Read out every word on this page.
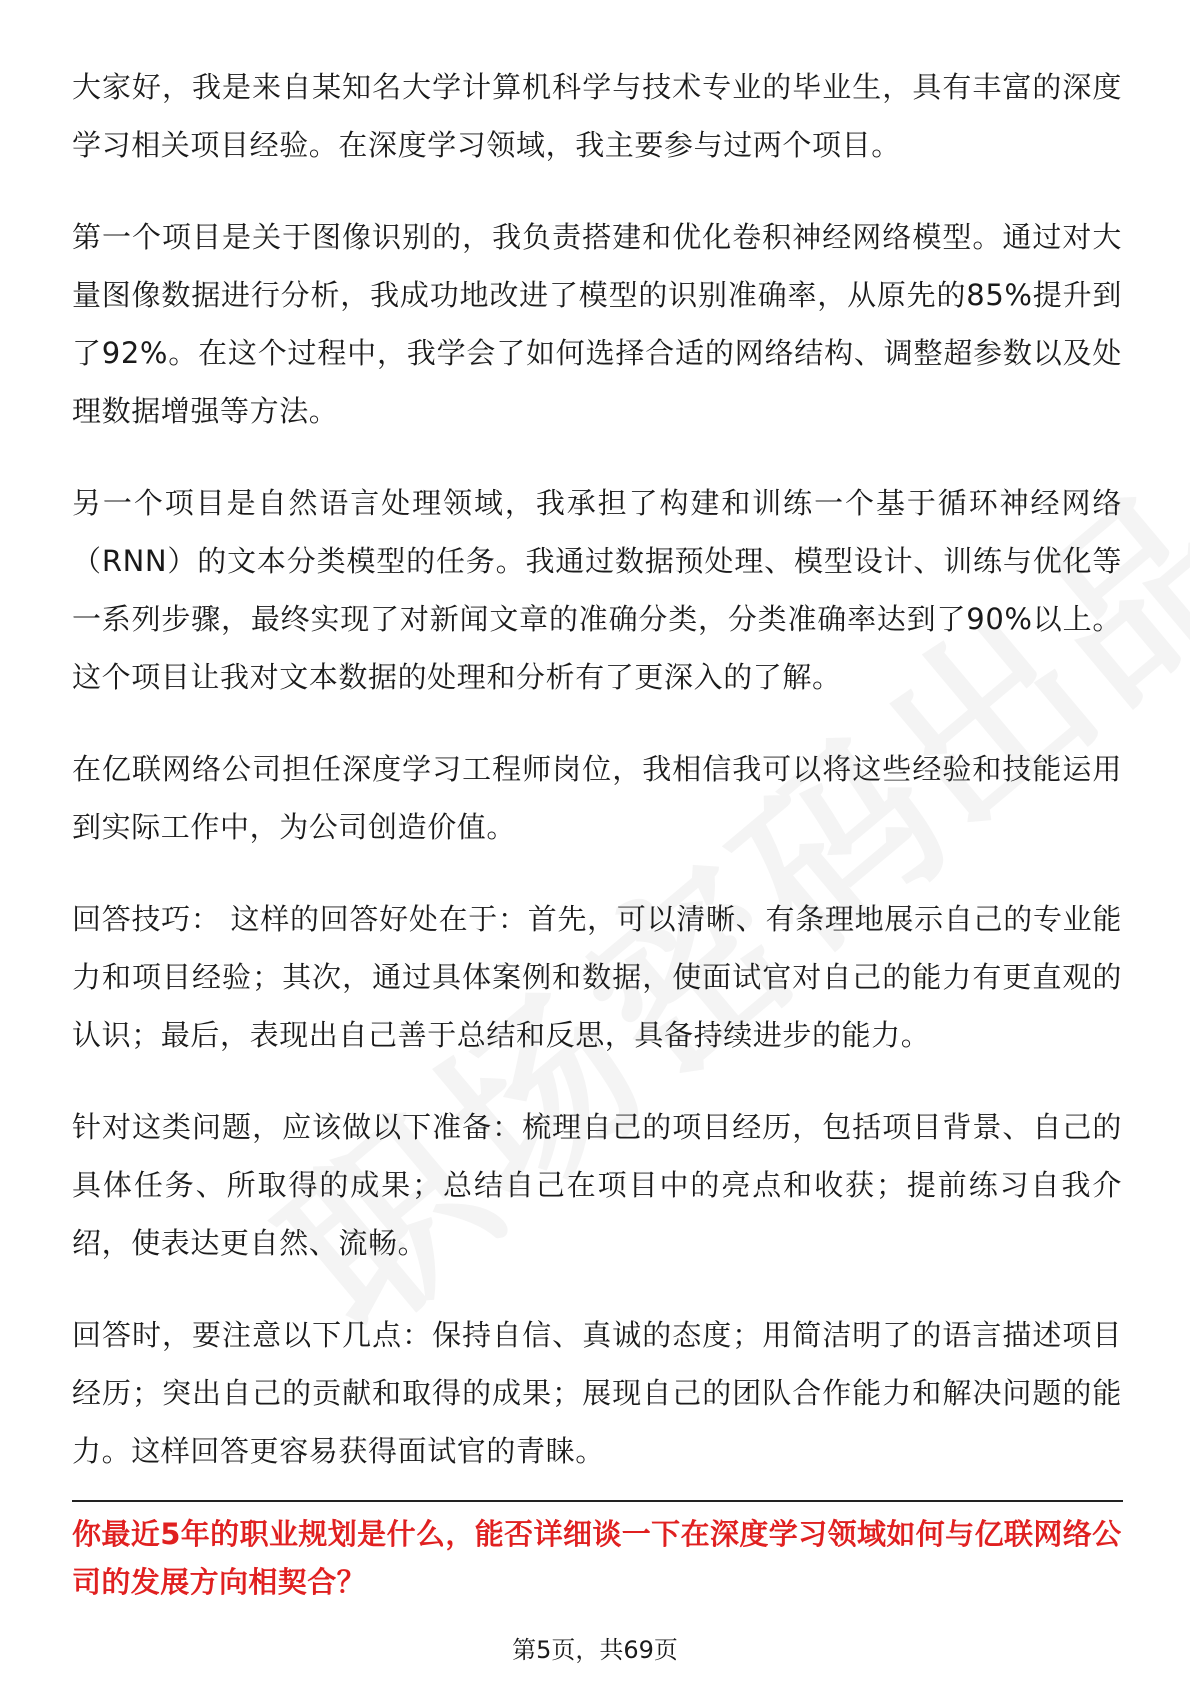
大家好，我是来自某知名大学计算机科学与技术专业的毕业生，具有丰富的深度学习相关项目经验。在深度学习领域，我主要参与过两个项目。

第一个项目是关于图像识别的，我负责搭建和优化卷积神经网络模型。通过对大量图像数据进行分析，我成功地改进了模型的识别准确率，从原先的85%提升到了92%。在这个过程中，我学会了如何选择合适的网络结构、调整超参数以及处理数据增强等方法。

另一个项目是自然语言处理领域，我承担了构建和训练一个基于循环神经网络（RNN）的文本分类模型的任务。我通过数据预处理、模型设计、训练与优化等一系列步骤，最终实现了对新闻文章的准确分类，分类准确率达到了90%以上。这个项目让我对文本数据的处理和分析有了更深入的了解。

在亿联网络公司担任深度学习工程师岗位，我相信我可以将这些经验和技能运用到实际工作中，为公司创造价值。

回答技巧： 这样的回答好处在于：首先，可以清晰、有条理地展示自己的专业能力和项目经验；其次，通过具体案例和数据，使面试官对自己的能力有更直观的认识；最后，表现出自己善于总结和反思，具备持续进步的能力。

针对这类问题，应该做以下准备：梳理自己的项目经历，包括项目背景、自己的具体任务、所取得的成果；总结自己在项目中的亮点和收获；提前练习自我介绍，使表达更自然、流畅。

回答时，要注意以下几点：保持自信、真诚的态度；用简洁明了的语言描述项目经历；突出自己的贡献和取得的成果；展现自己的团队合作能力和解决问题的能力。这样回答更容易获得面试官的青睐。

你最近5年的职业规划是什么，能否详细谈一下在深度学习领域如何与亿联网络公司的发展方向相契合？
第5页，共69页
